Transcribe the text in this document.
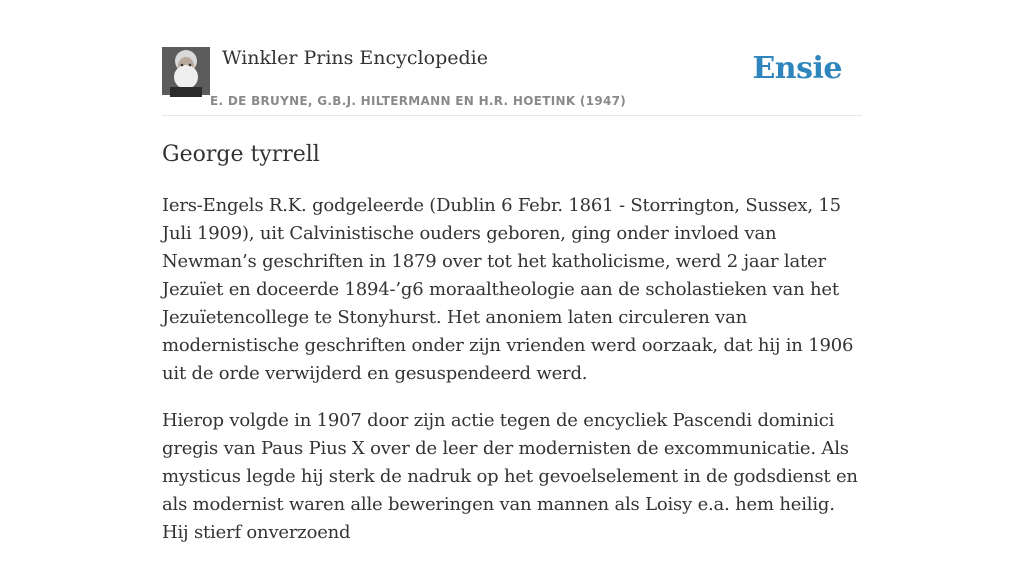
Winkler Prins Encyclopedie
E. DE BRUYNE, G.B.J. HILTERMANN EN H.R. HOETINK (1947)
Ensie
George tyrrell

Iers-Engels R.K. godgeleerde (Dublin 6 Febr. 1861 - Storrington, Sussex, 15 Juli 1909), uit Calvinistische ouders geboren, ging onder invloed van Newman’s geschriften in 1879 over tot het katholicisme, werd 2 jaar later Jezuïet en doceerde 1894-’g6 moraaltheologie aan de scholastieken van het Jezuïetencollege te Stonyhurst. Het anoniem laten circuleren van modernistische geschriften onder zijn vrienden werd oorzaak, dat hij in 1906 uit de orde verwijderd en gesuspendeerd werd.

Hierop volgde in 1907 door zijn actie tegen de encycliek Pascendi dominici gregis van Paus Pius X over de leer der modernisten de excommunicatie. Als mysticus legde hij sterk de nadruk op het gevoelselement in de godsdienst en als modernist waren alle beweringen van mannen als Loisy e.a. hem heilig. Hij stierf onverzoend
